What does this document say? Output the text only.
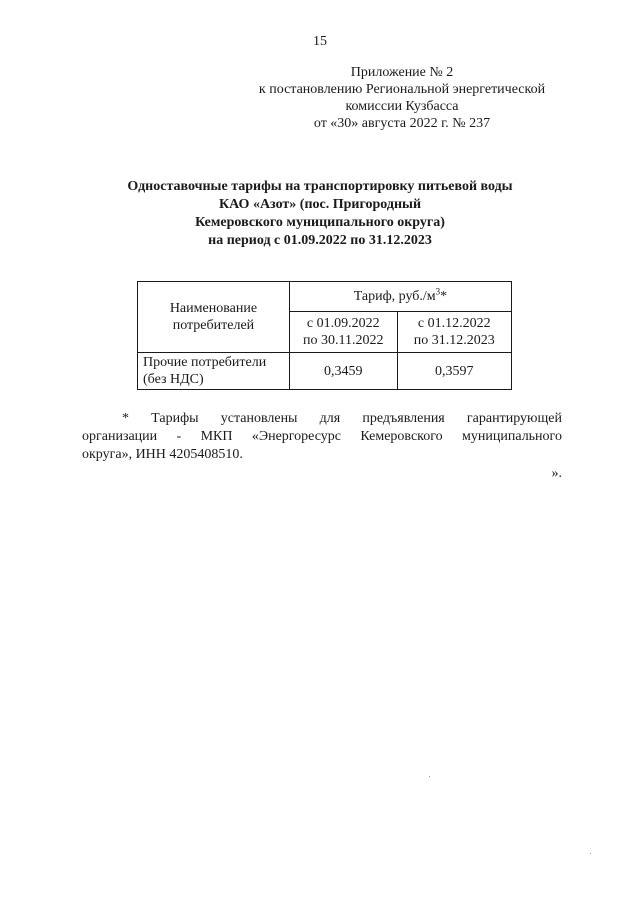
15
Приложение № 2
к постановлению Региональной энергетической
комиссии Кузбасса
от «30» августа 2022 г. № 237
Одноставочные тарифы на транспортировку питьевой воды
КАО «Азот» (пос. Пригородный
Кемеровского муниципального округа)
на период с 01.09.2022 по 31.12.2023
Наименование
потребителей	Тариф, $руб./м^3*$	

	с 01.09.2022
по 30.11.2022	с 01.12.2022
по 31.12.2023

Прочие потребители
(без НДС)	0,3459	0,3597
* Тарифы установлены для предъявления гарантирующей
организации - МКП «Энергоресурс Кемеровского муниципального
округа», ИНН 4205408510.
».
